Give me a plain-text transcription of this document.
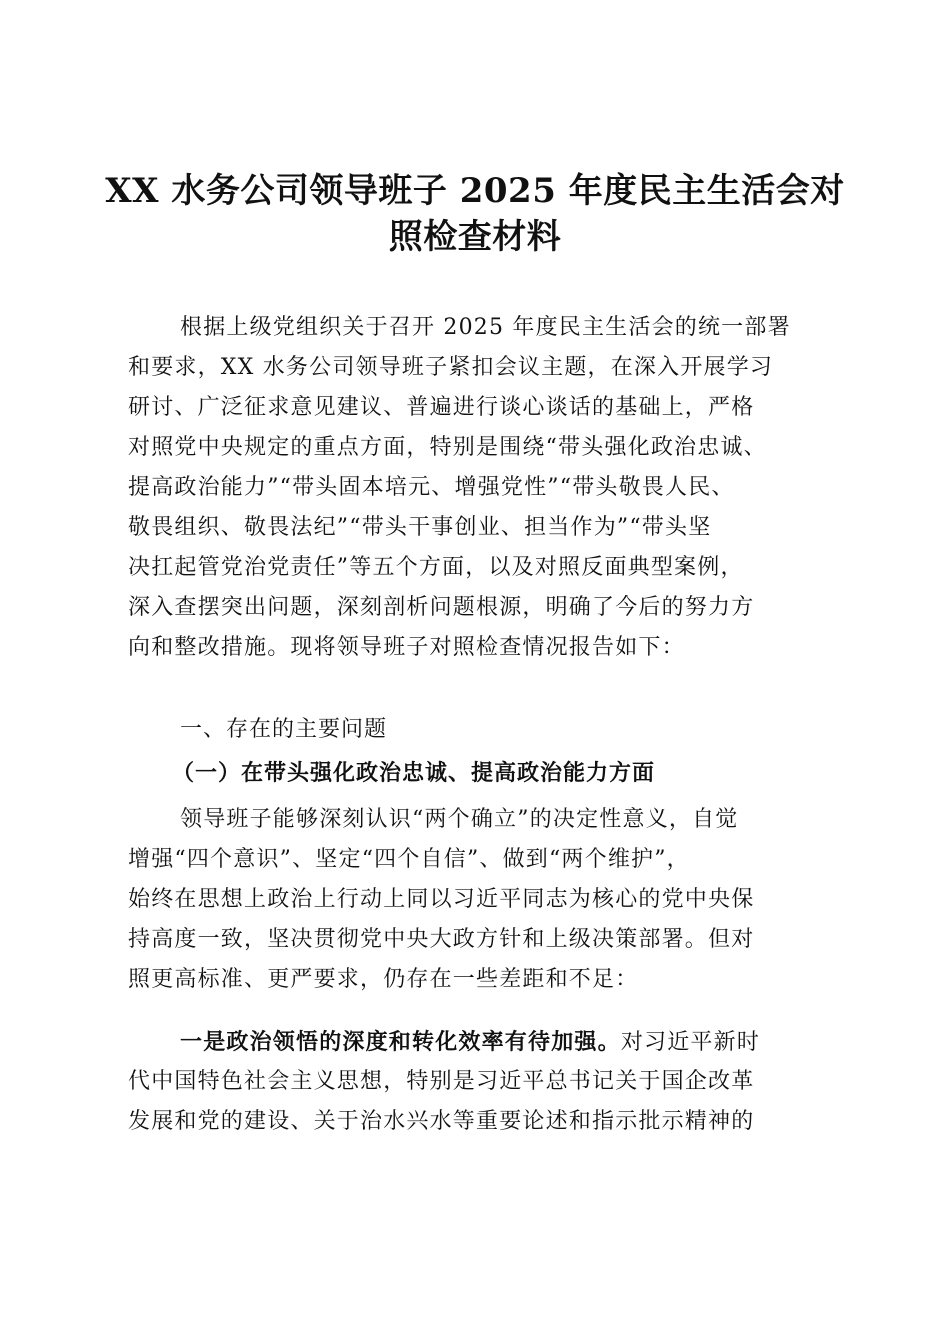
XX 水务公司领导班子 2025 年度民主生活会对
照检查材料
根据上级党组织关于召开 2025 年度民主生活会的统一部署
和要求，XX 水务公司领导班子紧扣会议主题，在深入开展学习
研讨、广泛征求意见建议、普遍进行谈心谈话的基础上，严格
对照党中央规定的重点方面，特别是围绕“带头强化政治忠诚、
提高政治能力”“带头固本培元、增强党性”“带头敬畏人民、
敬畏组织、敬畏法纪”“带头干事创业、担当作为”“带头坚
决扛起管党治党责任”等五个方面，以及对照反面典型案例，
深入查摆突出问题，深刻剖析问题根源，明确了今后的努力方
向和整改措施。现将领导班子对照检查情况报告如下：

一、存在的主要问题

（一）在带头强化政治忠诚、提高政治能力方面

领导班子能够深刻认识“两个确立”的决定性意义，自觉
增强“四个意识”、坚定“四个自信”、做到“两个维护”，
始终在思想上政治上行动上同以习近平同志为核心的党中央保
持高度一致，坚决贯彻党中央大政方针和上级决策部署。但对
照更高标准、更严要求，仍存在一些差距和不足：
一是政治领悟的深度和转化效率有待加强。对习近平新时
代中国特色社会主义思想，特别是习近平总书记关于国企改革
发展和党的建设、关于治水兴水等重要论述和指示批示精神的
